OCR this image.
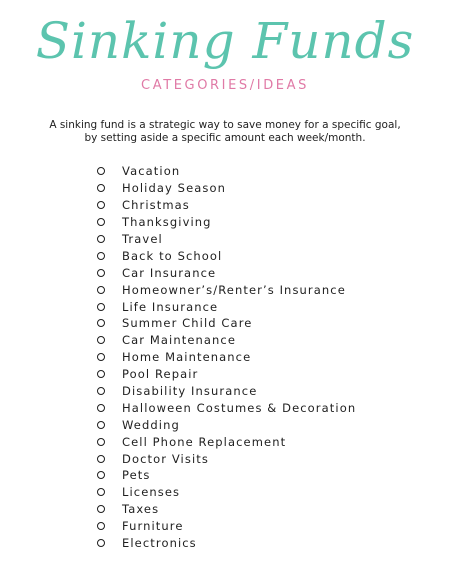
Sinking Funds
CATEGORIES/IDEAS

A sinking fund is a strategic way to save money for a specific goal, by setting aside a specific amount each week/month.

Vacation
Holiday Season
Christmas
Thanksgiving
Travel
Back to School
Car Insurance
Homeowner’s/Renter’s Insurance
Life Insurance
Summer Child Care
Car Maintenance
Home Maintenance
Pool Repair
Disability Insurance
Halloween Costumes & Decoration
Wedding
Cell Phone Replacement
Doctor Visits
Pets
Licenses
Taxes
Furniture
Electronics
